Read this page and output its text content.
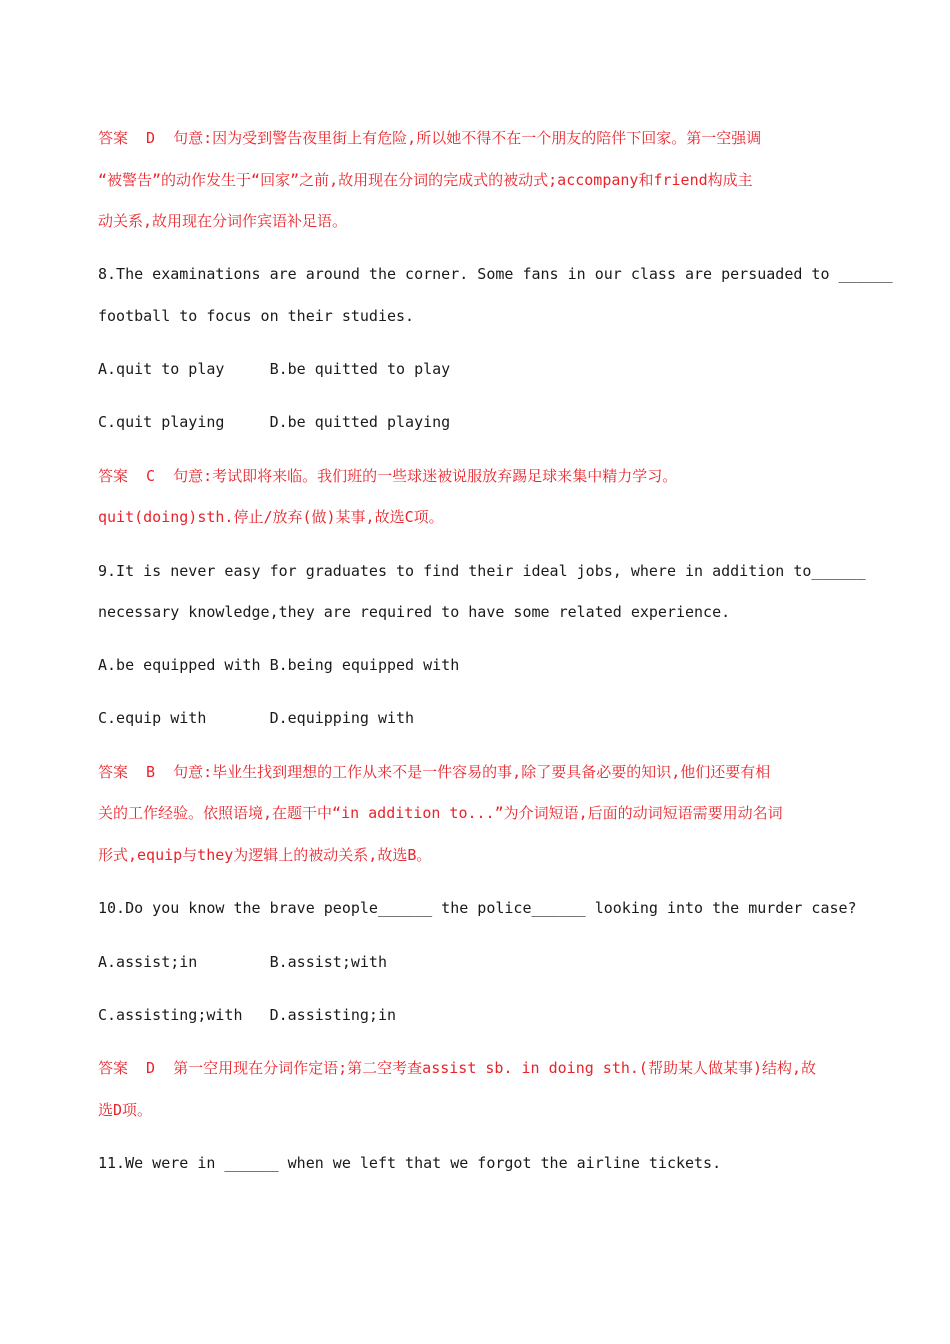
答案  D  句意:因为受到警告夜里街上有危险,所以她不得不在一个朋友的陪伴下回家。第一空强调
“被警告”的动作发生于“回家”之前,故用现在分词的完成式的被动式;accompany和friend构成主
动关系,故用现在分词作宾语补足语。
8.The examinations are around the corner. Some fans in our class are persuaded to ______
football to focus on their studies.
A.quit to play     B.be quitted to play
C.quit playing     D.be quitted playing
答案  C  句意:考试即将来临。我们班的一些球迷被说服放弃踢足球来集中精力学习。
quit(doing)sth.停止/放弃(做)某事,故选C项。
9.It is never easy for graduates to find their ideal jobs, where in addition to______
necessary knowledge,they are required to have some related experience.
A.be equipped with B.being equipped with
C.equip with       D.equipping with
答案  B  句意:毕业生找到理想的工作从来不是一件容易的事,除了要具备必要的知识,他们还要有相
关的工作经验。依照语境,在题干中“in addition to...”为介词短语,后面的动词短语需要用动名词
形式,equip与they为逻辑上的被动关系,故选B。
10.Do you know the brave people______ the police______ looking into the murder case?
A.assist;in        B.assist;with
C.assisting;with   D.assisting;in
答案  D  第一空用现在分词作定语;第二空考查assist sb. in doing sth.(帮助某人做某事)结构,故
选D项。
11.We were in ______ when we left that we forgot the airline tickets.
